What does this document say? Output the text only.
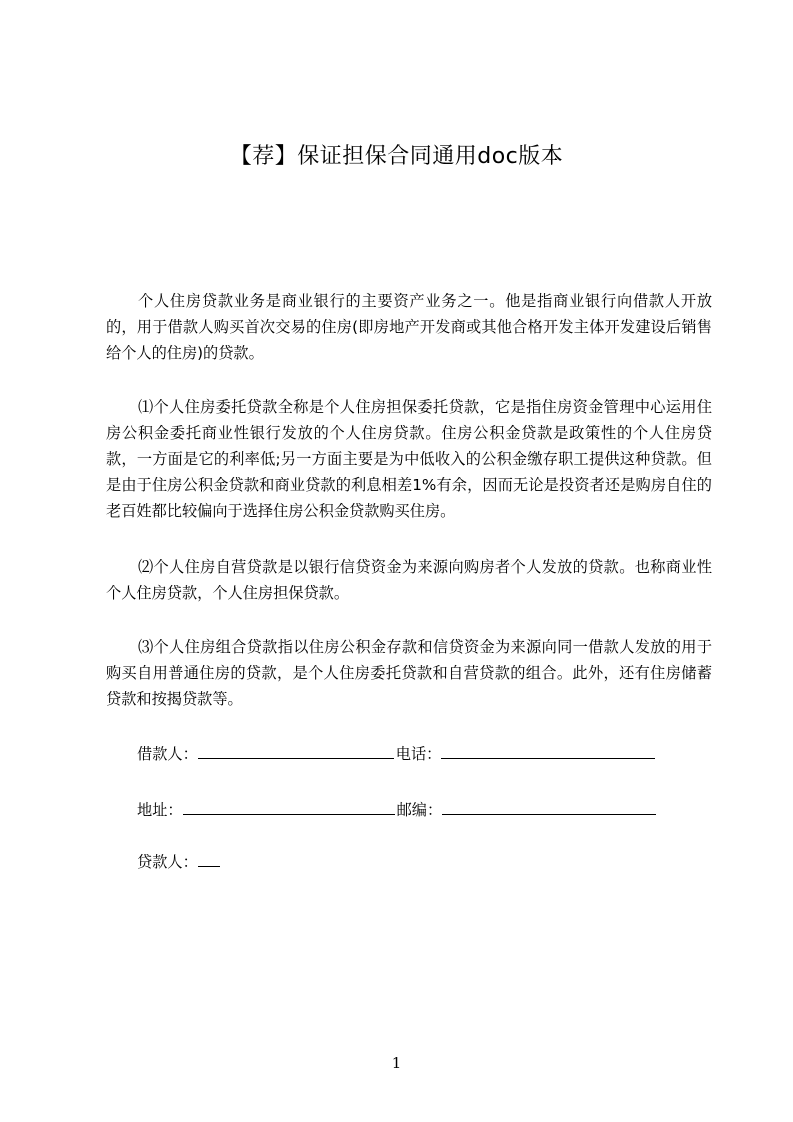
【荐】保证担保合同通用doc版本

个人住房贷款业务是商业银行的主要资产业务之一。他是指商业银行向借款人开放的，用于借款人购买首次交易的住房(即房地产开发商或其他合格开发主体开发建设后销售给个人的住房)的贷款。

⑴个人住房委托贷款全称是个人住房担保委托贷款，它是指住房资金管理中心运用住房公积金委托商业性银行发放的个人住房贷款。住房公积金贷款是政策性的个人住房贷款，一方面是它的利率低;另一方面主要是为中低收入的公积金缴存职工提供这种贷款。但是由于住房公积金贷款和商业贷款的利息相差1%有余，因而无论是投资者还是购房自住的老百姓都比较偏向于选择住房公积金贷款购买住房。

⑵个人住房自营贷款是以银行信贷资金为来源向购房者个人发放的贷款。也称商业性个人住房贷款，个人住房担保贷款。

⑶个人住房组合贷款指以住房公积金存款和信贷资金为来源向同一借款人发放的用于购买自用普通住房的贷款，是个人住房委托贷款和自营贷款的组合。此外，还有住房储蓄贷款和按揭贷款等。

借款人：	电话：
地址：	邮编：
贷款人：
1
